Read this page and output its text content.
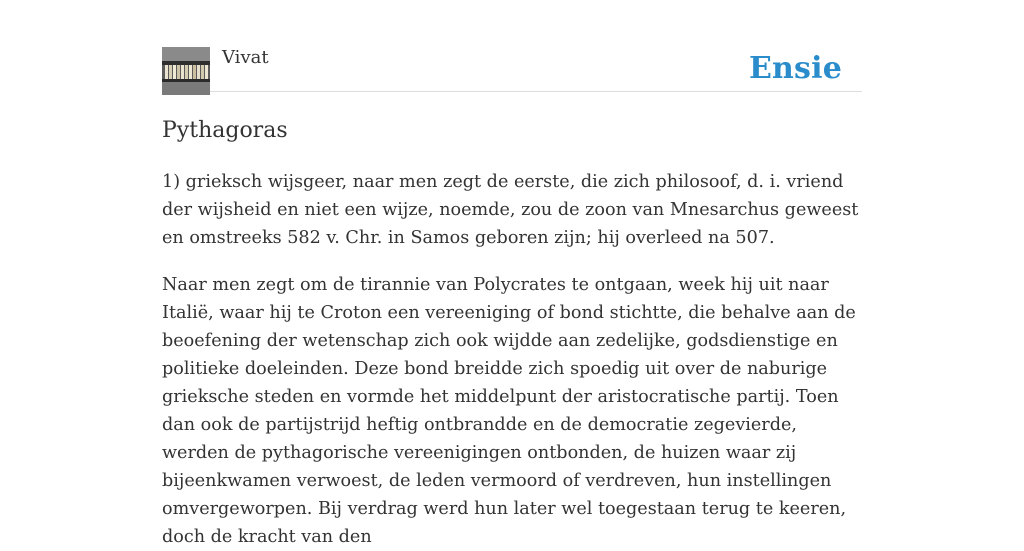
Vivat	Ensie
Pythagoras

1) grieksch wijsgeer, naar men zegt de eerste, die zich philosoof, d. i. vriend der wijsheid en niet een wijze, noemde, zou de zoon van Mnesarchus geweest en omstreeks 582 v. Chr. in Samos geboren zijn; hij overleed na 507.

Naar men zegt om de tirannie van Polycrates te ontgaan, week hij uit naar Italië, waar hij te Croton een vereeniging of bond stichtte, die behalve aan de beoefening der wetenschap zich ook wijdde aan zedelijke, godsdienstige en politieke doeleinden. Deze bond breidde zich spoedig uit over de naburige grieksche steden en vormde het middelpunt der aristocratische partij. Toen dan ook de partijstrijd heftig ontbrandde en de democratie zegevierde, werden de pythagorische vereenigingen ontbonden, de huizen waar zij bijeenkwamen verwoest, de leden vermoord of verdreven, hun instellingen omvergeworpen. Bij verdrag werd hun later wel toegestaan terug te keeren, doch de kracht van den
